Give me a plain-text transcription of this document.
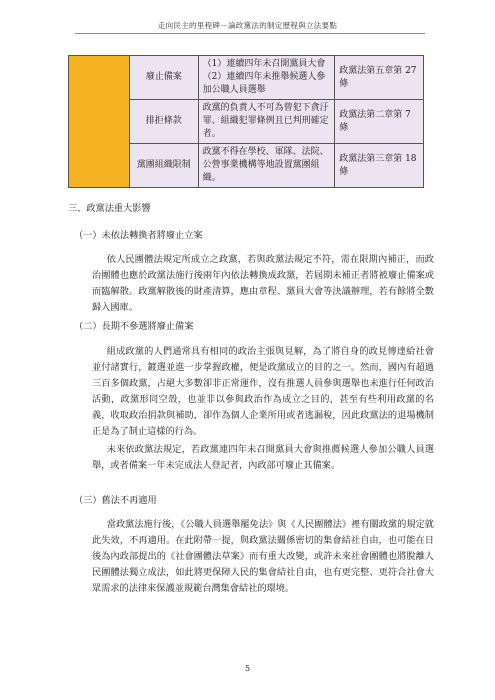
走向民主的里程碑－論政黨法的制定歷程與立法要點
	廢止備案	（1）連續四年未召開黨員大會
（2）連續四年未推舉候選人參加公職人員選舉	政黨法第五章第 27 條
	排拒條款	政黨的負責人不可為曾犯下貪汙罪、組織犯罪條例且已判刑確定者。	政黨法第二章第 7 條
	黨團組織限制	政黨不得在學校、軍隊、法院、公營事業機構等地設置黨團組織。	政黨法第三章第 18 條
三、政黨法重大影響
（一）未依法轉換者將廢止立案

依人民團體法規定所成立之政黨，若與政黨法規定不符，需在限期內補正，而政治團體也應於政黨法施行後兩年內依法轉換成政黨，若屆期未補正者將被廢止備案或而臨解散。政黨解散後的財產清算，應由章程、黨員大會等決議辦理，若有餘將全數歸入國庫。

（二）長期不參選將廢止備案

組成政黨的人們通常具有相同的政治主張與見解，為了將自身的政見傳達給社會並付諸實行，鍍選並進一步掌握政權，便是政黨成立的目的之一。然而，國內有超過三百多個政黨，占絕大多數卻非正常運作，沒有推選人員參與選舉也未進行任何政治活動，政黨形同空殼，也並非以參與政治作為成立之目的，甚至有些利用政黨的名義，收取政治捐款與補助，卻作為個人企業所用或者逃漏稅，因此政黨法的退場機制正是為了制止這樣的行為。

未來依政黨法規定，若政黨連四年未召開黨員大會與推薦候選人參加公職人員選舉，或者備案一年未完成法人登記者，內政部可廢止其備案。

（三）舊法不再適用

當政黨法施行後，《公職人員選舉罷免法》與《人民團體法》裡有關政黨的規定就此失效，不再適用。在此附帶一提，與政黨法關係密切的集會結社自由，也可能在日後為內政部提出的《社會團體法草案》而有重大改變，或許未來社會團體也將脫離人民團體法獨立成法，如此將更保障人民的集會結社自由，也有更完整、更符合社會大眾需求的法律來保護並規範台灣集會結社的環境。

5
